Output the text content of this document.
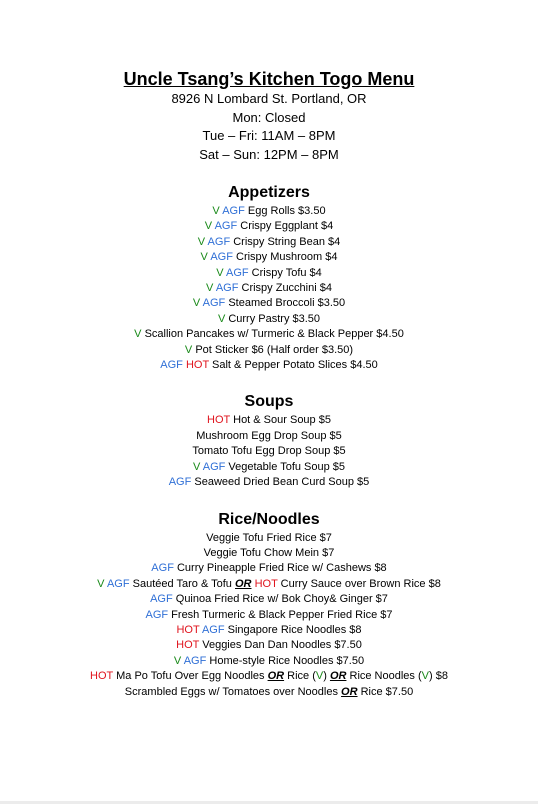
Uncle Tsang’s Kitchen Togo Menu

8926 N Lombard St. Portland, OR

Mon: Closed

Tue – Fri: 11AM – 8PM

Sat – Sun: 12PM – 8PM

Appetizers

V AGF Egg Rolls $3.50

V AGF Crispy Eggplant $4

V AGF Crispy String Bean $4

V AGF Crispy Mushroom $4

V AGF Crispy Tofu $4

V AGF Crispy Zucchini $4

V AGF Steamed Broccoli $3.50

V Curry Pastry $3.50

V Scallion Pancakes w/ Turmeric & Black Pepper $4.50

V Pot Sticker $6 (Half order $3.50)

AGF HOT Salt & Pepper Potato Slices $4.50

Soups

HOT Hot & Sour Soup $5

Mushroom Egg Drop Soup $5

Tomato Tofu Egg Drop Soup $5

V AGF Vegetable Tofu Soup $5

AGF Seaweed Dried Bean Curd Soup $5

Rice/Noodles

Veggie Tofu Fried Rice $7

Veggie Tofu Chow Mein $7

AGF Curry Pineapple Fried Rice w/ Cashews $8

V AGF Sautéed Taro & Tofu OR HOT Curry Sauce over Brown Rice $8

AGF Quinoa Fried Rice w/ Bok Choy& Ginger $7

AGF Fresh Turmeric & Black Pepper Fried Rice $7

HOT AGF Singapore Rice Noodles $8

HOT Veggies Dan Dan Noodles $7.50

V AGF Home-style Rice Noodles $7.50

HOT Ma Po Tofu Over Egg Noodles OR Rice (V) OR Rice Noodles (V) $8

Scrambled Eggs w/ Tomatoes over Noodles OR Rice $7.50
